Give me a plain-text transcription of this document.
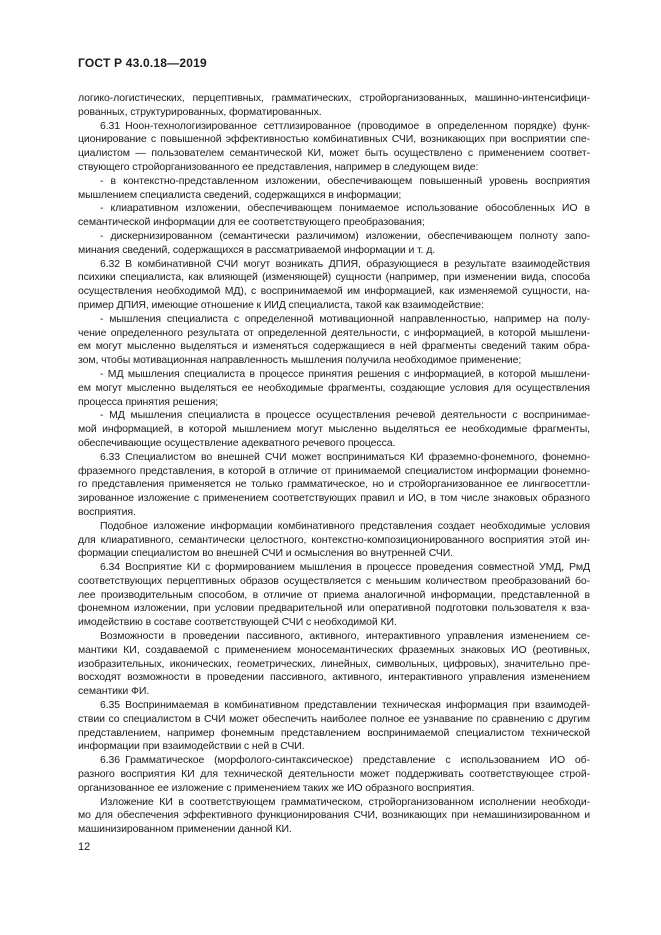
ГОСТ Р 43.0.18—2019
логико-логистических, перцептивных, грамматических, стройорганизованных, машинно-интенсифици-
рованных, структурированных, форматированных.
6.31 Ноон-технологизированное сеттлизированное (проводимое в определенном порядке) функ-
ционирование с повышенной эффективностью комбинативных СЧИ, возникающих при восприятии спе-
циалистом — пользователем семантической КИ, может быть осуществлено с применением соответ-
ствующего стройорганизованного ее представления, например в следующем виде:
- в контекстно-представленном изложении, обеспечивающем повышенный уровень восприятия
мышлением специалиста сведений, содержащихся в информации;
- клиаративном изложении, обеспечивающем понимаемое использование обособленных ИО в
семантической информации для ее соответствующего преобразования;
- дискернизированном (семантически различимом) изложении, обеспечивающем полноту запо-
минания сведений, содержащихся в рассматриваемой информации и т. д.
6.32 В комбинативной СЧИ могут возникать ДПИЯ, образующиеся в результате взаимодействия
психики специалиста, как влияющей (изменяющей) сущности (например, при изменении вида, способа
осуществления необходимой МД), с воспринимаемой им информацией, как изменяемой сущности, на-
пример ДПИЯ, имеющие отношение к ИИД специалиста, такой как взаимодействие:
- мышления специалиста с определенной мотивационной направленностью, например на полу-
чение определенного результата от определенной деятельности, с информацией, в которой мышлени-
ем могут мысленно выделяться и изменяться содержащиеся в ней фрагменты сведений таким обра-
зом, чтобы мотивационная направленность мышления получила необходимое применение;
- МД мышления специалиста в процессе принятия решения с информацией, в которой мышлени-
ем могут мысленно выделяться ее необходимые фрагменты, создающие условия для осуществления
процесса принятия решения;
- МД мышления специалиста в процессе осуществления речевой деятельности с воспринимае-
мой информацией, в которой мышлением могут мысленно выделяться ее необходимые фрагменты,
обеспечивающие осуществление адекватного речевого процесса.
6.33 Специалистом во внешней СЧИ может восприниматься КИ фраземно-фонемного, фонемно-
фраземного представления, в которой в отличие от принимаемой специалистом информации фонемно-
го представления применяется не только грамматическое, но и стройорганизованное ее лингвосеттли-
зированное изложение с применением соответствующих правил и ИО, в том числе знаковых образного
восприятия.
Подобное изложение информации комбинативного представления создает необходимые условия
для клиаративного, семантически целостного, контекстно-композиционированного восприятия этой ин-
формации специалистом во внешней СЧИ и осмысления во внутренней СЧИ.
6.34 Восприятие КИ с формированием мышления в процессе проведения совместной УМД, РмД
соответствующих перцептивных образов осуществляется с меньшим количеством преобразований бо-
лее производительным способом, в отличие от приема аналогичной информации, представленной в
фонемном изложении, при условии предварительной или оперативной подготовки пользователя к вза-
имодействию в составе соответствующей СЧИ с необходимой КИ.
Возможности в проведении пассивного, активного, интерактивного управления изменением се-
мантики КИ, создаваемой с применением моносемантических фраземных знаковых ИО (реотивных,
изобразительных, иконических, геометрических, линейных, символьных, цифровых), значительно пре-
восходят возможности в проведении пассивного, активного, интерактивного управления изменением
семантики ФИ.
6.35 Воспринимаемая в комбинативном представлении техническая информация при взаимодей-
ствии со специалистом в СЧИ может обеспечить наиболее полное ее узнавание по сравнению с другим
представлением, например фонемным представлением воспринимаемой специалистом технической
информации при взаимодействии с ней в СЧИ.
6.36 Грамматическое (морфолого-синтаксическое) представление с использованием ИО об-
разного восприятия КИ для технической деятельности может поддерживать соответствующее строй-
организованное ее изложение с применением таких же ИО образного восприятия.
Изложение КИ в соответствующем грамматическом, стройорганизованном исполнении необходи-
мо для обеспечения эффективного функционирования СЧИ, возникающих при немашинизированном и
машинизированном применении данной КИ.
12
